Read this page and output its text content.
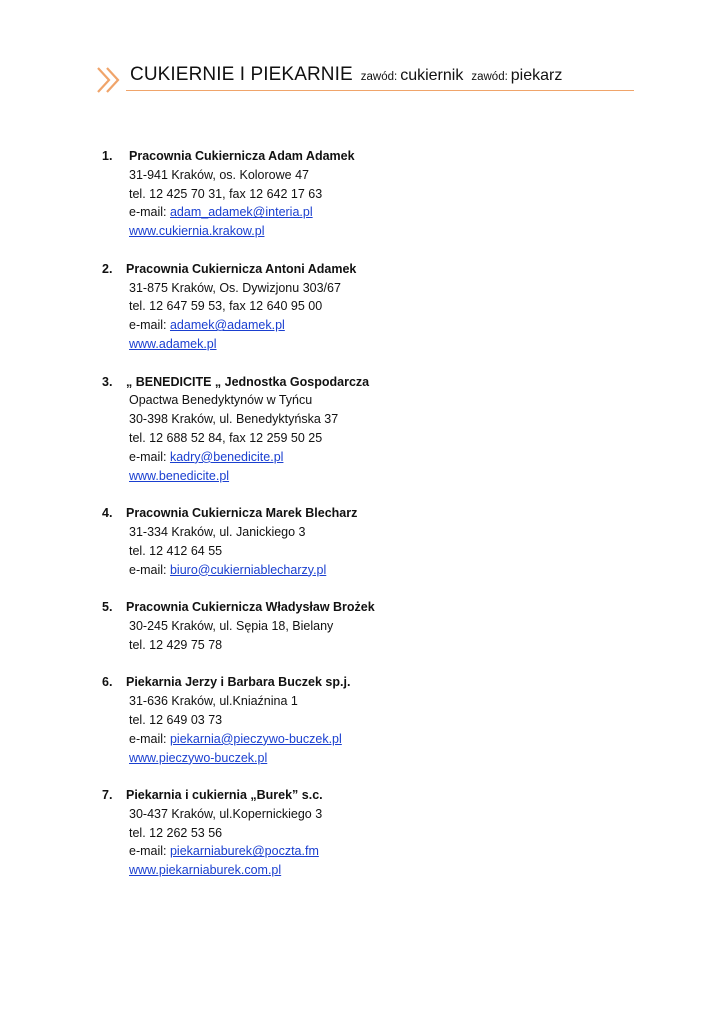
CUKIERNIE I PIEKARNIE zawód: cukiernik zawód: piekarz
1.	Pracownia Cukiernicza Adam Adamek
31-941 Kraków, os. Kolorowe 47
tel. 12 425 70 31, fax 12 642 17 63
e-mail: adam_adamek@interia.pl
www.cukiernia.krakow.pl
2.	Pracownia Cukiernicza Antoni Adamek
31-875 Kraków, Os. Dywizjonu 303/67
tel. 12 647 59 53, fax 12 640 95 00
e-mail: adamek@adamek.pl
www.adamek.pl
3.	„ BENEDICITE „ Jednostka Gospodarcza
Opactwa Benedyktynów w Tyńcu
30-398 Kraków, ul. Benedyktyńska 37
tel. 12 688 52 84, fax 12 259 50 25
e-mail: kadry@benedicite.pl
www.benedicite.pl
4.	Pracownia Cukiernicza Marek Blecharz
31-334 Kraków, ul. Janickiego 3
tel. 12 412 64 55
e-mail: biuro@cukierniablecharzy.pl
5.	Pracownia Cukiernicza Władysław Brożek
30-245 Kraków, ul. Sępia 18, Bielany
tel. 12 429 75 78
6.	Piekarnia Jerzy i Barbara Buczek sp.j.
31-636 Kraków, ul.Kniaźnina 1
tel. 12 649 03 73
e-mail: piekarnia@pieczywo-buczek.pl
www.pieczywo-buczek.pl
7.	Piekarnia i cukiernia „Burek” s.c.
30-437 Kraków, ul.Kopernickiego 3
tel. 12 262 53 56
e-mail: piekarniaburek@poczta.fm
www.piekarniaburek.com.pl
